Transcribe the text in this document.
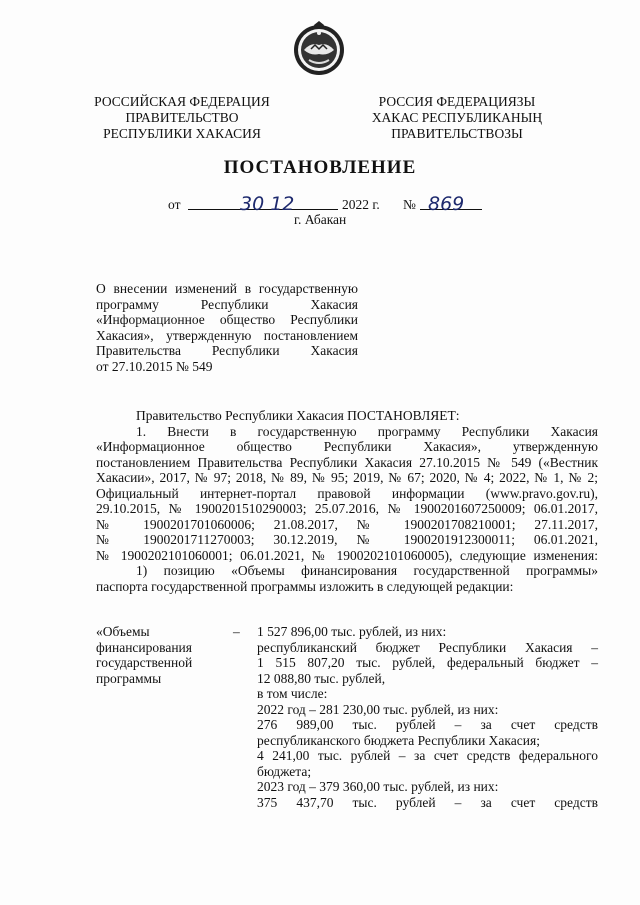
РОССИЙСКАЯ ФЕДЕРАЦИЯ
ПРАВИТЕЛЬСТВО
РЕСПУБЛИКИ ХАКАСИЯ
РОССИЯ ФЕДЕРАЦИЯЗЫ
ХАКАС РЕСПУБЛИКАНЫҢ
ПРАВИТЕЛЬСТВОЗЫ
ПОСТАНОВЛЕНИЕ
от	30 12	2022 г. № 869
г. Абакан
О внесении изменений в государственную
программу Республики Хакасия
«Информационное общество Республики
Хакасия», утвержденную постановлением
Правительства Республики Хакасия
от 27.10.2015 № 549
Правительство Республики Хакасия ПОСТАНОВЛЯЕТ:
1. Внести в государственную программу Республики Хакасия
«Информационное общество Республики Хакасия», утвержденную
постановлением Правительства Республики Хакасия 27.10.2015 № 549 («Вестник
Хакасии», 2017, № 97; 2018, № 89, № 95; 2019, № 67; 2020, № 4; 2022, № 1, № 2;
Официальный интернет-портал правовой информации (www.pravo.gov.ru),
29.10.2015, № 1900201510290003; 25.07.2016, № 1900201607250009; 06.01.2017,
№ 1900201701060006; 21.08.2017, № 1900201708210001; 27.11.2017,
№ 1900201711270003; 30.12.2019, № 1900201912300011; 06.01.2021,
№ 1900202101060001; 06.01.2021, № 1900202101060005), следующие изменения:
1) позицию «Объемы финансирования государственной программы»
паспорта государственной программы изложить в следующей редакции:
«Объемы
финансирования
государственной
программы
– 1 527 896,00 тыс. рублей, из них:
республиканский бюджет Республики Хакасия –
1 515 807,20 тыс. рублей, федеральный бюджет –
12 088,80 тыс. рублей,
в том числе:
2022 год – 281 230,00 тыс. рублей, из них:
276 989,00 тыс. рублей – за счет средств
республиканского бюджета Республики Хакасия;
4 241,00 тыс. рублей – за счет средств федерального
бюджета;
2023 год – 379 360,00 тыс. рублей, из них:
375 437,70 тыс. рублей – за счет средств
